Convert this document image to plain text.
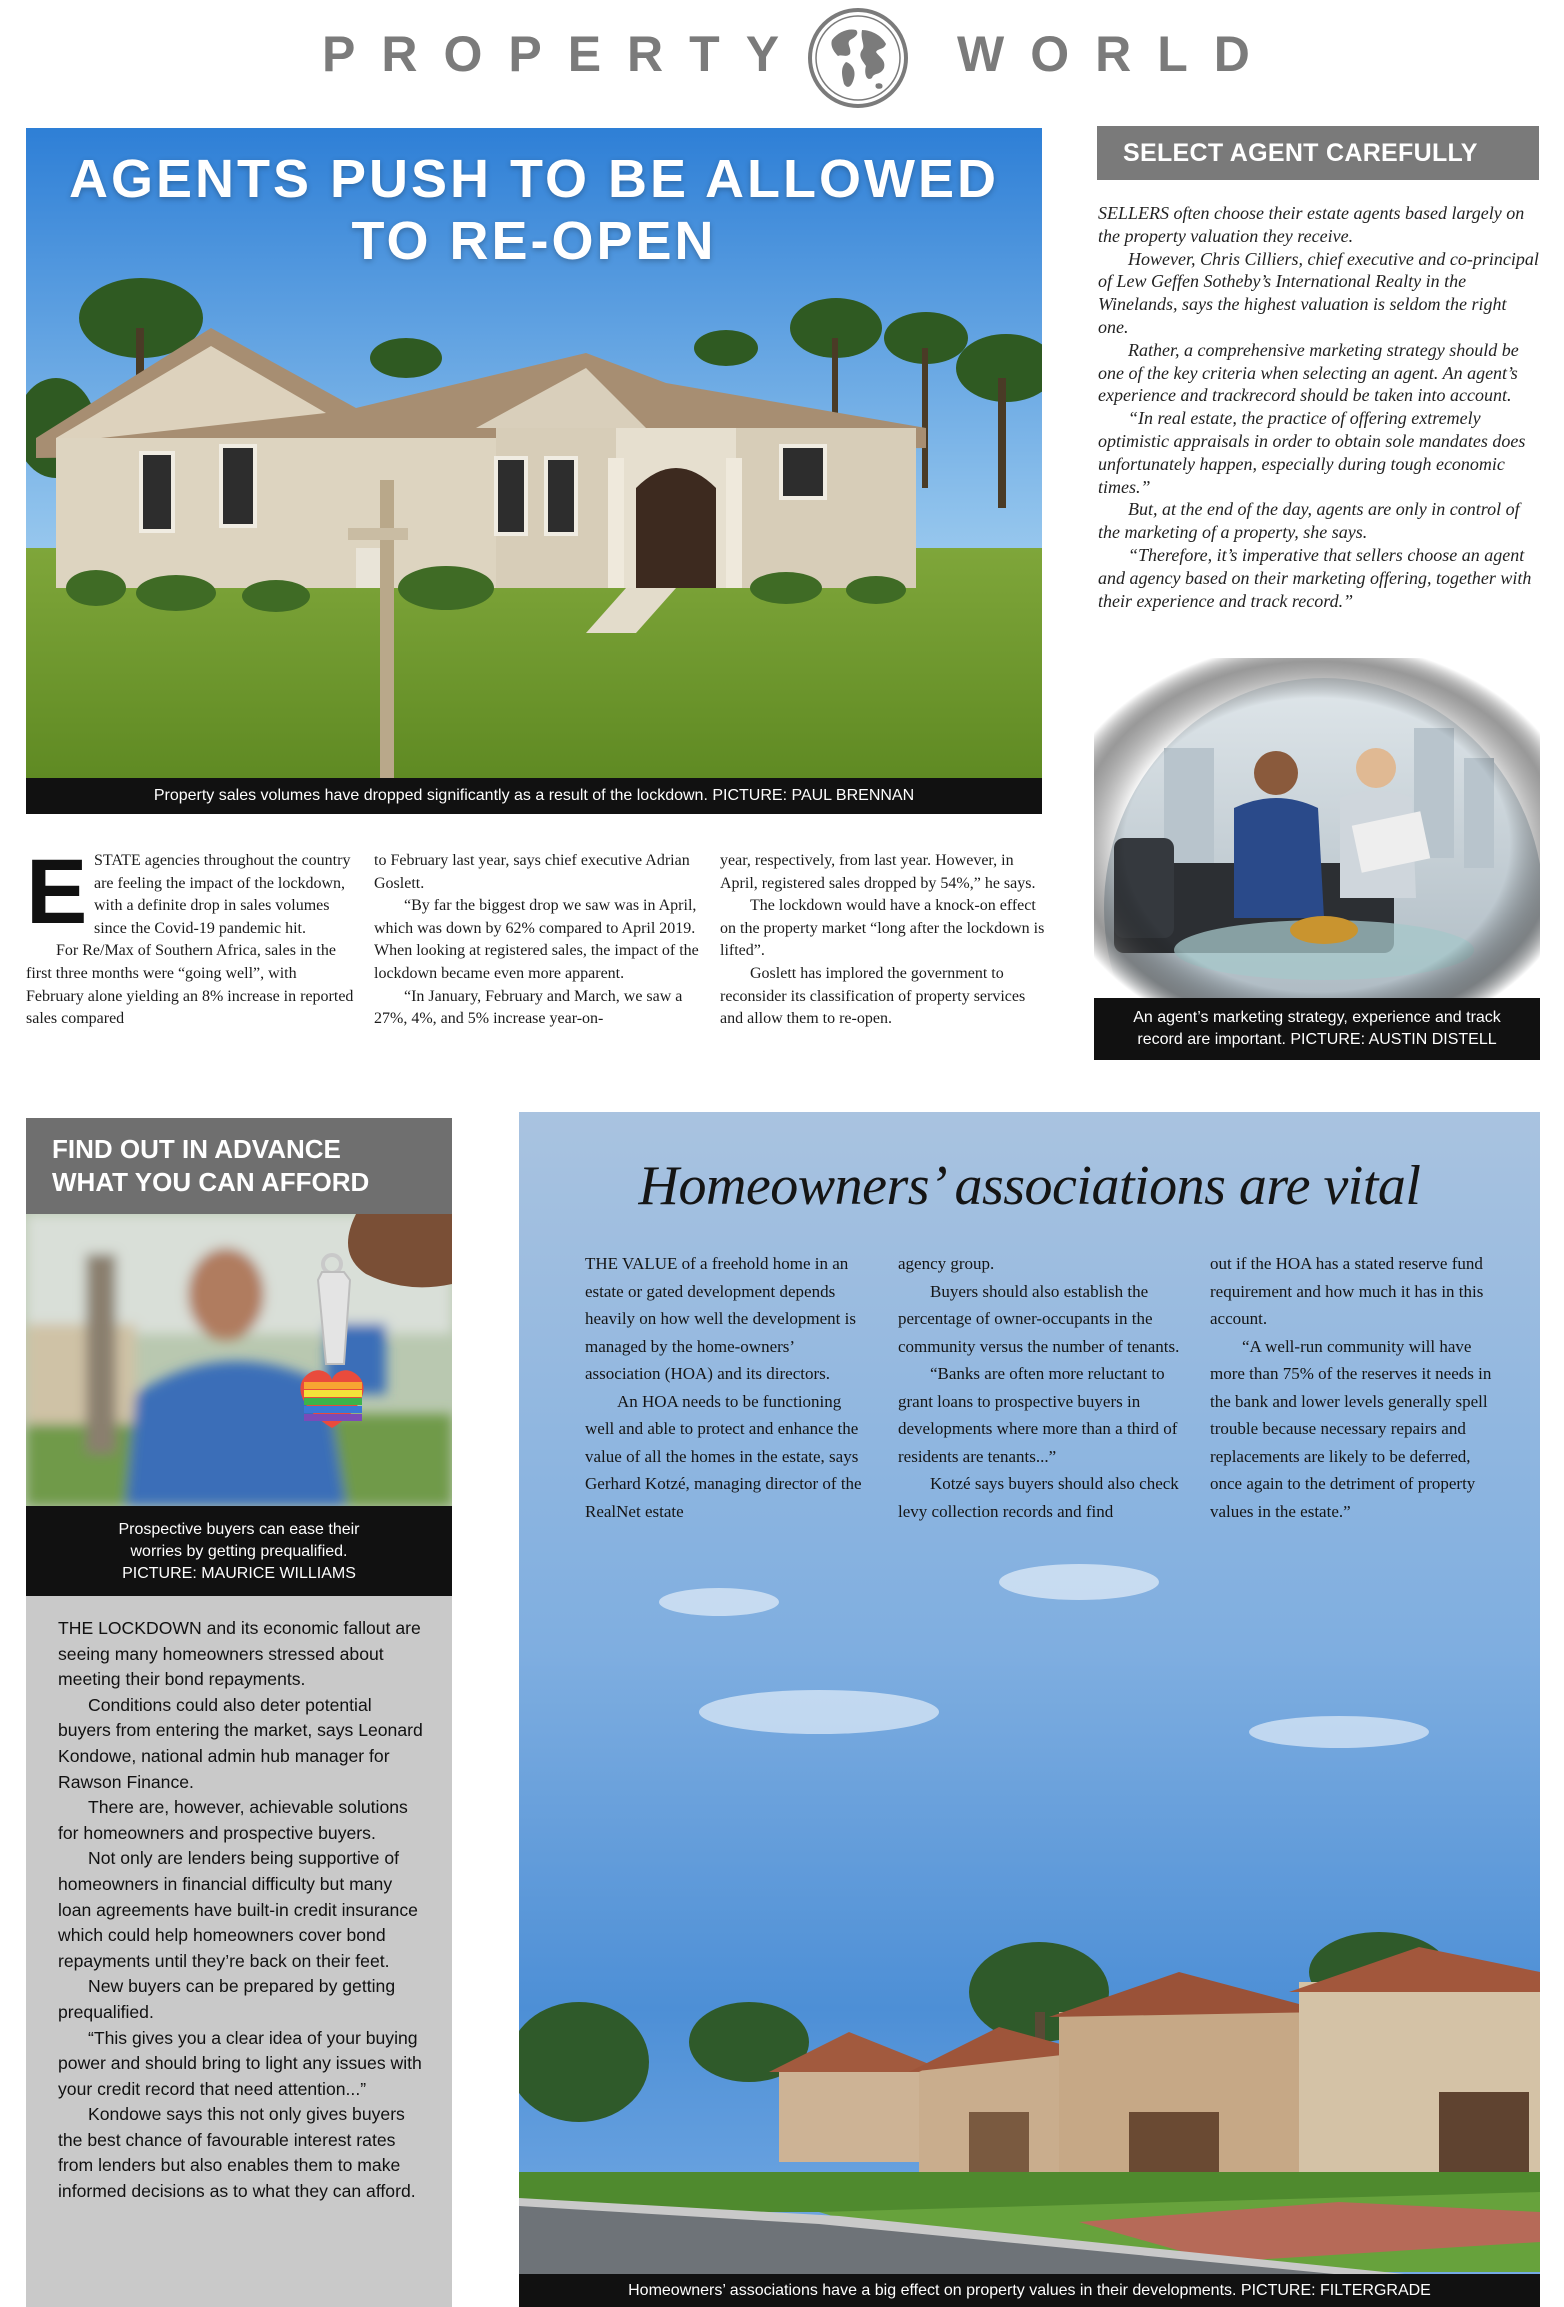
PROPERTY	WORLD
AGENTS PUSH TO BE ALLOWED
TO RE-OPEN
Property sales volumes have dropped significantly as a result of the lockdown. PICTURE: PAUL BRENNAN
E STATE agencies throughout the country are feeling the impact of the lockdown, with a definite drop in sales volumes since the Covid-19 pandemic hit.

For Re/Max of Southern Africa, sales in the first three months were “going well”, with February alone yielding an 8% increase in reported sales compared

to February last year, says chief executive Adrian Goslett.

“By far the biggest drop we saw was in April, which was down by 62% compared to April 2019. When looking at registered sales, the impact of the lockdown became even more apparent.

“In January, February and March, we saw a 27%, 4%, and 5% increase year-on-

year, respectively, from last year. However, in April, registered sales dropped by 54%,” he says.

The lockdown would have a knock-on effect on the property market “long after the lockdown is lifted”.

Goslett has implored the government to reconsider its classification of property services and allow them to re-open.

SELECT AGENT CAREFULLY

SELLERS often choose their estate agents based largely on the property valuation they receive.

However, Chris Cilliers, chief executive and co-principal of Lew Geffen Sotheby’s International Realty in the Winelands, says the highest valuation is seldom the right one.

Rather, a comprehensive marketing strategy should be one of the key criteria when selecting an agent. An agent’s experience and trackrecord should be taken into account.

“In real estate, the practice of offering extremely optimistic appraisals in order to obtain sole mandates does unfortunately happen, especially during tough economic times.”

But, at the end of the day, agents are only in control of the marketing of a property, she says.

“Therefore, it’s imperative that sellers choose an agent and agency based on their marketing offering, together with their experience and track record.”

An agent’s marketing strategy, experience and track
record are important. PICTURE: AUSTIN DISTELL
FIND OUT IN ADVANCE
WHAT YOU CAN AFFORD
Prospective buyers can ease their
worries by getting prequalified.
PICTURE: MAURICE WILLIAMS

THE LOCKDOWN and its economic fallout are seeing many homeowners stressed about meeting their bond repayments.

Conditions could also deter potential buyers from entering the market, says Leonard Kondowe, national admin hub manager for Rawson Finance.

There are, however, achievable solutions for homeowners and prospective buyers.

Not only are lenders being supportive of homeowners in financial difficulty but many loan agreements have built-in credit insurance which could help homeowners cover bond repayments until they’re back on their feet.

New buyers can be prepared by getting prequalified.

“This gives you a clear idea of your buying power and should bring to light any issues with your credit record that need attention...”

Kondowe says this not only gives buyers the best chance of favourable interest rates from lenders but also enables them to make informed decisions as to what they can afford.

Homeowners’ associations are vital

THE VALUE of a freehold home in an estate or gated development depends heavily on how well the development is managed by the home-owners’ association (HOA) and its directors.

An HOA needs to be functioning well and able to protect and enhance the value of all the homes in the estate, says Gerhard Kotzé, managing director of the RealNet estate

agency group.

Buyers should also establish the percentage of owner-occupants in the community versus the number of tenants.

“Banks are often more reluctant to grant loans to prospective buyers in developments where more than a third of residents are tenants...”

Kotzé says buyers should also check levy collection records and find

out if the HOA has a stated reserve fund requirement and how much it has in this account.

“A well-run community will have more than 75% of the reserves it needs in the bank and lower levels generally spell trouble because necessary repairs and replacements are likely to be deferred, once again to the detriment of property values in the estate.”

Homeowners’ associations have a big effect on property values in their developments. PICTURE: FILTERGRADE
